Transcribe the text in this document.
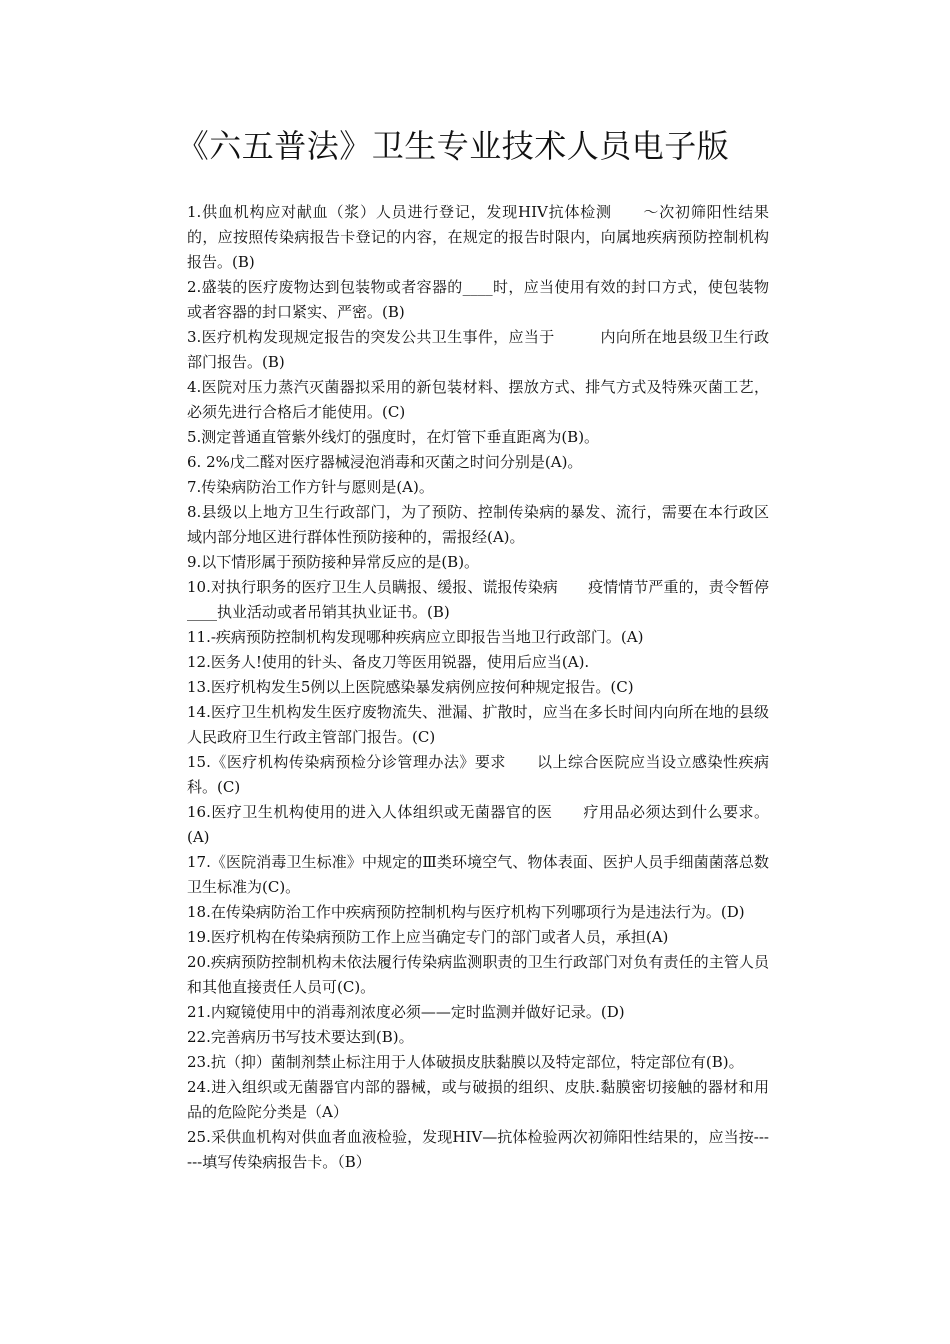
《六五普法》卫生专业技术人员电子版
1.供血机构应对献血（浆）人员进行登记，发现HIV抗体检测　　～次初筛阳性结果的，应按照传染病报告卡登记的内容，在规定的报告时限内，向属地疾病预防控制机构报告。(B)
2.盛装的医疗废物达到包装物或者容器的____时，应当使用有效的封口方式，使包装物或者容器的封口紧实、严密。(B)
3.医疗机构发现规定报告的突发公共卫生事件，应当于　　　内向所在地县级卫生行政部门报告。(B)
4.医院对压力蒸汽灭菌器拟采用的新包装材料、摆放方式、排气方式及特殊灭菌工艺，必须先进行合格后才能使用。(C)
5.测定普通直管紫外线灯的强度时，在灯管下垂直距离为(B)。
6. 2%戊二醛对医疗器械浸泡消毒和灭菌之时问分别是(A)。
7.传染病防治工作方针与愿则是(A)。
8.县级以上地方卫生行政部门，为了预防、控制传染病的暴发、流行，需要在本行政区域内部分地区进行群体性预防接种的，需报经(A)。
9.以下情形属于预防接种异常反应的是(B)。
10.对执行职务的医疗卫生人员瞒报、缓报、谎报传染病　　疫情情节严重的，责令暂停____执业活动或者吊销其执业证书。(B)
11.-疾病预防控制机构发现哪种疾病应立即报告当地卫行政部门。(A)
12.医务人!使用的针头、备皮刀等医用锐器，使用后应当(A).
13.医疗机构发生5例以上医院感染暴发病例应按何种规定报告。(C)
14.医疗卫生机构发生医疗废物流失、泄漏、扩散时，应当在多长时间内向所在地的县级人民政府卫生行政主管部门报告。(C)
15.《医疗机构传染病预检分诊管理办法》要求　　以上综合医院应当设立感染性疾病科。(C)
16.医疗卫生机构使用的进入人体组织或无菌器官的医　　疗用品必须达到什么要求。(A)
17.《医院消毒卫生标准》中规定的Ⅲ类环境空气、物体表面、医护人员手细菌菌落总数卫生标准为(C)。
18.在传染病防治工作中疾病预防控制机构与医疗机构下列哪项行为是违法行为。(D)
19.医疗机构在传染病预防工作上应当确定专门的部门或者人员，承担(A)
20.疾病预防控制机构未依法履行传染病监测职责的卫生行政部门对负有责任的主管人员和其他直接责任人员可(C)。
21.内窥镜使用中的消毒剂浓度必须——定时监测并做好记录。(D)
22.完善病历书写技术要达到(B)。
23.抗（抑）菌制剂禁止标注用于人体破损皮肤黏膜以及特定部位，特定部位有(B)。
24.进入组织或无菌器官内部的器械，或与破损的组织、皮肤.黏膜密切接触的器材和用品的危险陀分类是（A）
25.采供血机构对供血者血液检验，发现HIV—抗体检验两次初筛阳性结果的，应当按------填写传染病报告卡。（B）
